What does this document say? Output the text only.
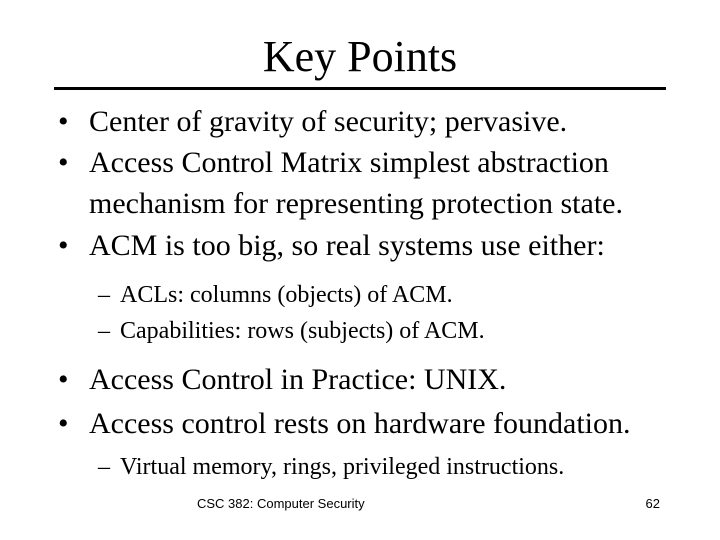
Key Points
• Center of gravity of security; pervasive.
• Access Control Matrix simplest abstraction
mechanism for representing protection state.
• ACM is too big, so real systems use either:
– ACLs: columns (objects) of ACM.
– Capabilities: rows (subjects) of ACM.
• Access Control in Practice: UNIX.
• Access control rests on hardware foundation.
– Virtual memory, rings, privileged instructions.
CSC 382: Computer Security	62
